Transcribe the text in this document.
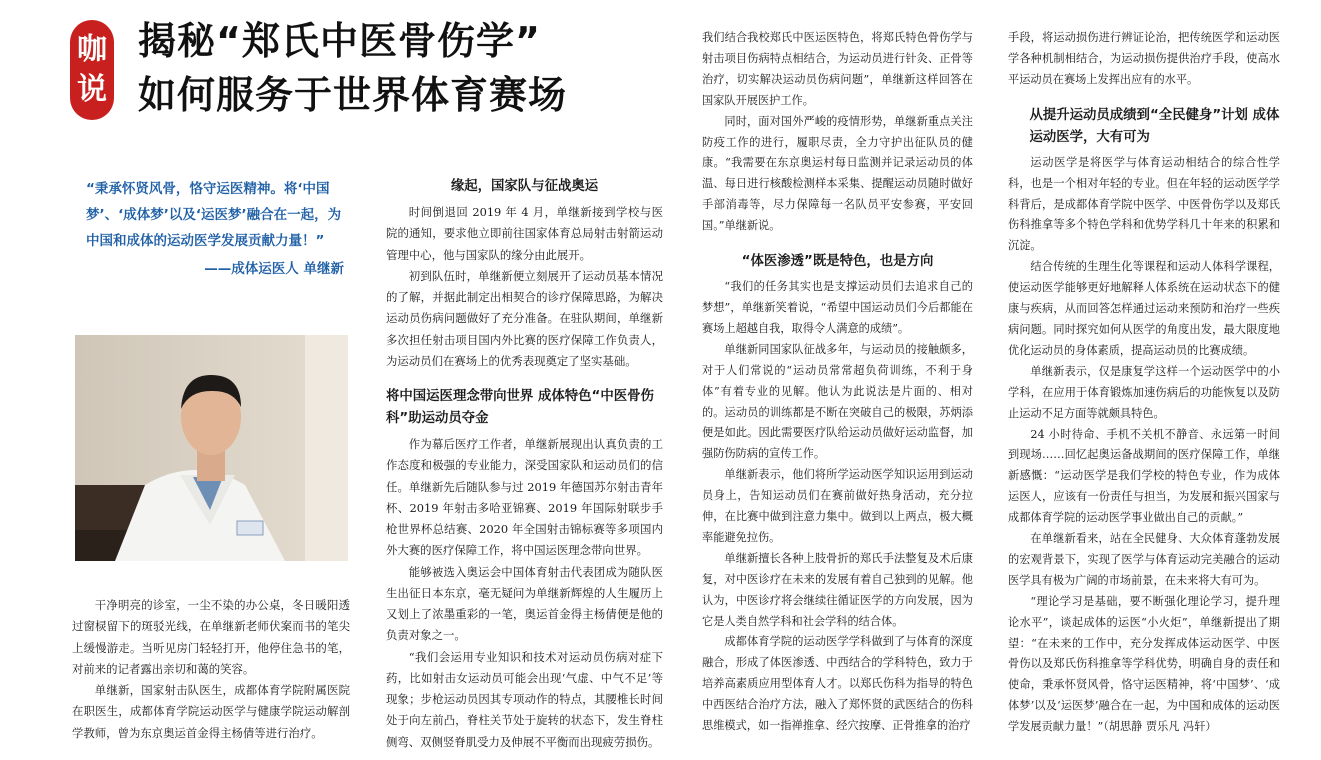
咖
说
揭秘“郑氏中医骨伤学”
如何服务于世界体育赛场
“秉承怀贤风骨，恪守运医精神。将‘中国梦’、‘成体梦’以及‘运医梦’融合在一起，为中国和成体的运动医学发展贡献力量！”
——成体运医人 单继新

干净明亮的诊室，一尘不染的办公桌，冬日暖阳透过窗棂留下的斑驳光线，在单继新老师伏案而书的笔尖上缓慢游走。当听见房门轻轻打开，他停住急书的笔，对前来的记者露出亲切和蔼的笑容。

单继新，国家射击队医生，成都体育学院附属医院在职医生，成都体育学院运动医学与健康学院运动解剖学教师，曾为东京奥运首金得主杨倩等进行治疗。

缘起，国家队与征战奥运

时间倒退回 2019 年 4 月，单继新接到学校与医院的通知，要求他立即前往国家体育总局射击射箭运动管理中心，他与国家队的缘分由此展开。

初到队伍时，单继新便立刻展开了运动员基本情况的了解，并据此制定出相契合的诊疗保障思路，为解决运动员伤病问题做好了充分准备。在驻队期间，单继新多次担任射击项目国内外比赛的医疗保障工作负责人，为运动员们在赛场上的优秀表现奠定了坚实基础。

将中国运医理念带向世界 成体特色“中医骨伤科”助运动员夺金

作为幕后医疗工作者，单继新展现出认真负责的工作态度和极强的专业能力，深受国家队和运动员们的信任。单继新先后随队参与过 2019 年德国苏尔射击青年杯、2019 年射击多哈亚锦赛、2019 年国际射联步手枪世界杯总结赛、2020 年全国射击锦标赛等多项国内外大赛的医疗保障工作，将中国运医理念带向世界。

能够被选入奥运会中国体育射击代表团成为随队医生出征日本东京，毫无疑问为单继新辉煌的人生履历上又划上了浓墨重彩的一笔，奥运首金得主杨倩便是他的负责对象之一。

“我们会运用专业知识和技术对运动员伤病对症下药，比如射击女运动员可能会出现‘气虚、中气不足’等现象；步枪运动员因其专项动作的特点，其腰椎长时间处于向左前凸，脊柱关节处于旋转的状态下，发生脊柱侧弯、双侧竖脊肌受力及伸展不平衡而出现疲劳损伤。

我们结合我校郑氏中医运医特色，将郑氏特色骨伤学与射击项目伤病特点相结合，为运动员进行针灸、正骨等治疗，切实解决运动员伤病问题”，单继新这样回答在国家队开展医护工作。

同时，面对国外严峻的疫情形势，单继新重点关注防疫工作的进行，履职尽责，全力守护出征队员的健康。“我需要在东京奥运村每日监测并记录运动员的体温、每日进行核酸检测样本采集、提醒运动员随时做好手部消毒等，尽力保障每一名队员平安参赛，平安回国。”单继新说。

“体医渗透”既是特色，也是方向

“我们的任务其实也是支撑运动员们去追求自己的梦想”，单继新笑着说，“希望中国运动员们今后都能在赛场上超越自我，取得令人满意的成绩”。

单继新同国家队征战多年，与运动员的接触颇多，对于人们常说的“运动员常常超负荷训练，不利于身体”有着专业的见解。他认为此说法是片面的、相对的。运动员的训练都是不断在突破自己的极限，苏炳添便是如此。因此需要医疗队给运动员做好运动监督，加强防伤防病的宣传工作。

单继新表示，他们将所学运动医学知识运用到运动员身上，告知运动员们在赛前做好热身活动，充分拉伸，在比赛中做到注意力集中。做到以上两点，极大概率能避免拉伤。

单继新擅长各种上肢骨折的郑氏手法整复及术后康复，对中医诊疗在未来的发展有着自己独到的见解。他认为，中医诊疗将会继续往循证医学的方向发展，因为它是人类自然学科和社会学科的结合体。

成都体育学院的运动医学学科做到了与体育的深度融合，形成了体医渗透、中西结合的学科特色，致力于培养高素质应用型体育人才。以郑氏伤科为指导的特色中西医结合治疗方法，融入了郑怀贤的武医结合的伤科思维模式，如一指禅推拿、经穴按摩、正骨推拿的治疗

手段，将运动损伤进行辨证论治，把传统医学和运动医学各种机制相结合，为运动损伤提供治疗手段，使高水平运动员在赛场上发挥出应有的水平。

从提升运动员成绩到“全民健身”计划 成体运动医学，大有可为

运动医学是将医学与体育运动相结合的综合性学科，也是一个相对年轻的专业。但在年轻的运动医学学科背后，是成都体育学院中医学、中医骨伤学以及郑氏伤科推拿等多个特色学科和优势学科几十年来的积累和沉淀。

结合传统的生理生化等课程和运动人体科学课程，使运动医学能够更好地解释人体系统在运动状态下的健康与疾病，从而回答怎样通过运动来预防和治疗一些疾病问题。同时探究如何从医学的角度出发，最大限度地优化运动员的身体素质，提高运动员的比赛成绩。

单继新表示，仅是康复学这样一个运动医学中的小学科，在应用于体育锻炼加速伤病后的功能恢复以及防止运动不足方面等就颇具特色。

24 小时待命、手机不关机不静音、永远第一时间到现场……回忆起奥运备战期间的医疗保障工作，单继新感慨：“运动医学是我们学校的特色专业，作为成体运医人，应该有一份责任与担当，为发展和振兴国家与成都体育学院的运动医学事业做出自己的贡献。”

在单继新看来，站在全民健身、大众体育蓬勃发展的宏观背景下，实现了医学与体育运动完美融合的运动医学具有极为广阔的市场前景，在未来将大有可为。

“理论学习是基础，要不断强化理论学习，提升理论水平”，谈起成体的运医“小火炬”，单继新提出了期望：“在未来的工作中，充分发挥成体运动医学、中医骨伤以及郑氏伤科推拿等学科优势，明确自身的责任和使命，秉承怀贤风骨，恪守运医精神，将‘中国梦’、‘成体梦’以及‘运医梦’融合在一起，为中国和成体的运动医学发展贡献力量！”（胡思静 贾乐凡 冯轩）
